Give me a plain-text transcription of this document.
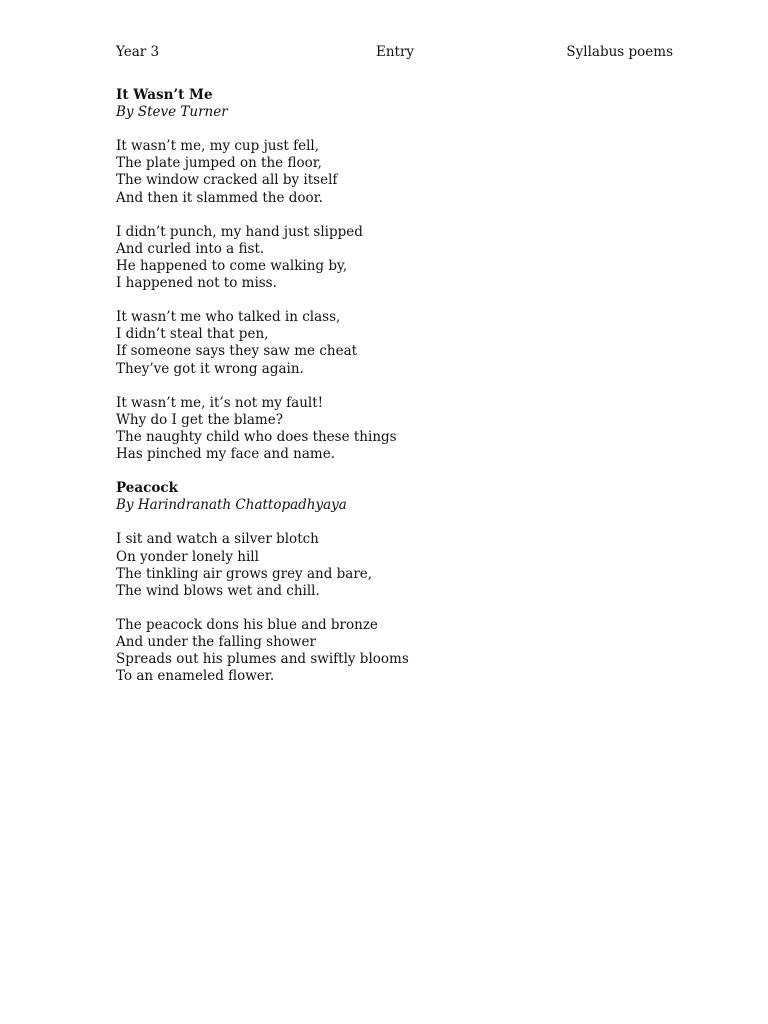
Year 3	Entry	Syllabus poems

It Wasn’t Me

By Steve Turner

It wasn’t me, my cup just fell,
The plate jumped on the floor,
The window cracked all by itself
And then it slammed the door.
I didn’t punch, my hand just slipped
And curled into a fist.
He happened to come walking by,
I happened not to miss.
It wasn’t me who talked in class,
I didn’t steal that pen,
If someone says they saw me cheat
They’ve got it wrong again.
It wasn’t me, it’s not my fault!
Why do I get the blame?
The naughty child who does these things
Has pinched my face and name.

Peacock

By Harindranath Chattopadhyaya

I sit and watch a silver blotch
On yonder lonely hill
The tinkling air grows grey and bare,
The wind blows wet and chill.
The peacock dons his blue and bronze
And under the falling shower
Spreads out his plumes and swiftly blooms
To an enameled flower.
